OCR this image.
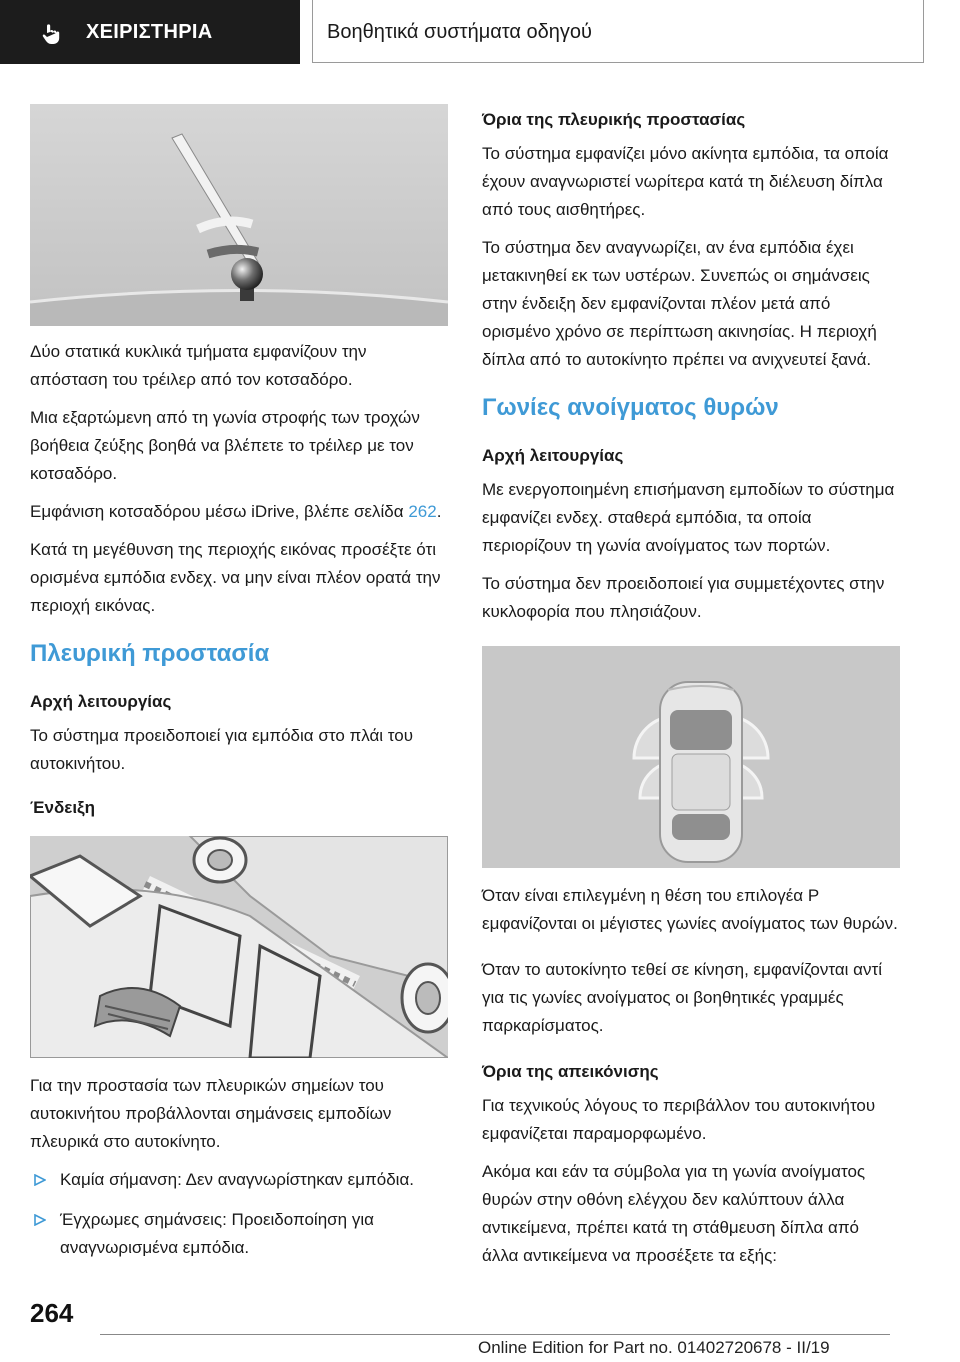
ΧΕΙΡΙΣΤΗΡΙΑ	Βοηθητικά συστήματα οδηγού

Δύο στατικά κυκλικά τμήματα εμφανίζουν την απόσταση του τρέιλερ από τον κοτσαδόρο.

Μια εξαρτώμενη από τη γωνία στροφής των τροχών βοήθεια ζεύξης βοηθά να βλέπετε το τρέιλερ με τον κοτσαδόρο.

Εμφάνιση κοτσαδόρου μέσω iDrive, βλέπε σελίδα 262.

Κατά τη μεγέθυνση της περιοχής εικόνας προσέξτε ότι ορισμένα εμπόδια ενδεχ. να μην είναι πλέον ορατά την περιοχή εικόνας.

Πλευρική προστασία
Αρχή λειτουργίας

Το σύστημα προειδοποιεί για εμπόδια στο πλάι του αυτοκινήτου.

Ένδειξη

Για την προστασία των πλευρικών σημείων του αυτοκινήτου προβάλλονται σημάνσεις εμποδίων πλευρικά στο αυτοκίνητο.

Καμία σήμανση: Δεν αναγνωρίστηκαν εμπόδια.
Έγχρωμες σημάνσεις: Προειδοποίηση για αναγνωρισμένα εμπόδια.
Όρια της πλευρικής προστασίας

Το σύστημα εμφανίζει μόνο ακίνητα εμπόδια, τα οποία έχουν αναγνωριστεί νωρίτερα κατά τη διέλευση δίπλα από τους αισθητήρες.

Το σύστημα δεν αναγνωρίζει, αν ένα εμπόδια έχει μετακινηθεί εκ των υστέρων. Συνεπώς οι σημάνσεις στην ένδειξη δεν εμφανίζονται πλέον μετά από ορισμένο χρόνο σε περίπτωση ακινησίας. Η περιοχή δίπλα από το αυτοκίνητο πρέπει να ανιχνευτεί ξανά.

Γωνίες ανοίγματος θυρών
Αρχή λειτουργίας

Με ενεργοποιημένη επισήμανση εμποδίων το σύστημα εμφανίζει ενδεχ. σταθερά εμπόδια, τα οποία περιορίζουν τη γωνία ανοίγματος των πορτών.

Το σύστημα δεν προειδοποιεί για συμμετέχοντες στην κυκλοφορία που πλησιάζουν.

Όταν είναι επιλεγμένη η θέση του επιλογέα P εμφανίζονται οι μέγιστες γωνίες ανοίγματος των θυρών.

Όταν το αυτοκίνητο τεθεί σε κίνηση, εμφανίζονται αντί για τις γωνίες ανοίγματος οι βοηθητικές γραμμές παρκαρίσματος.

Όρια της απεικόνισης

Για τεχνικούς λόγους το περιβάλλον του αυτοκινήτου εμφανίζεται παραμορφωμένο.

Ακόμα και εάν τα σύμβολα για τη γωνία ανοίγματος θυρών στην οθόνη ελέγχου δεν καλύπτουν άλλα αντικείμενα, πρέπει κατά τη στάθμευση δίπλα από άλλα αντικείμενα να προσέξετε τα εξής:

264
Online Edition for Part no. 01402720678 - II/19
